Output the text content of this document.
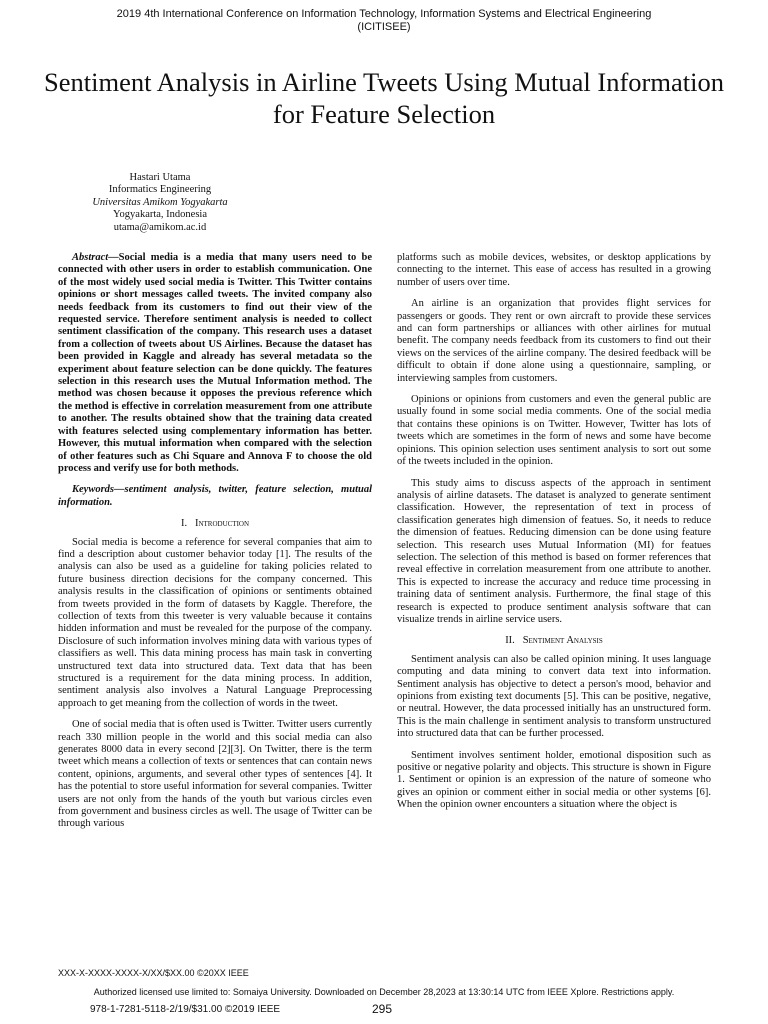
2019 4th International Conference on Information Technology, Information Systems and Electrical Engineering
(ICITISEE)
Sentiment Analysis in Airline Tweets Using Mutual Information for Feature Selection
Hastari Utama
Informatics Engineering
Universitas Amikom Yogyakarta
Yogyakarta, Indonesia
utama@amikom.ac.id

Abstract—Social media is a media that many users need to be connected with other users in order to establish communication. One of the most widely used social media is Twitter. This Twitter contains opinions or short messages called tweets. The invited company also needs feedback from its customers to find out their view of the requested service. Therefore sentiment analysis is needed to collect sentiment classification of the company. This research uses a dataset from a collection of tweets about US Airlines. Because the dataset has been provided in Kaggle and already has several metadata so the experiment about feature selection can be done quickly. The features selection in this research uses the Mutual Information method. The method was chosen because it opposes the previous reference which the method is effective in correlation measurement from one attribute to another. The results obtained show that the training data created with features selected using complementary information has better. However, this mutual information when compared with the selection of other features such as Chi Square and Annova F to choose the old process and verify use for both methods.

Keywords—sentiment analysis, twitter, feature selection, mutual information.

I. Introduction

Social media is become a reference for several companies that aim to find a description about customer behavior today [1]. The results of the analysis can also be used as a guideline for taking policies related to future business direction decisions for the company concerned. This analysis results in the classification of opinions or sentiments obtained from tweets provided in the form of datasets by Kaggle. Therefore, the collection of texts from this tweeter is very valuable because it contains hidden information and must be revealed for the purpose of the company. Disclosure of such information involves mining data with various types of classifiers as well. This data mining process has main task in converting unstructured text data into structured data. Text data that has been structured is a requirement for the data mining process. In addition, sentiment analysis also involves a Natural Language Preprocessing approach to get meaning from the collection of words in the tweet.

One of social media that is often used is Twitter. Twitter users currently reach 330 million people in the world and this social media can also generates 8000 data in every second [2][3]. On Twitter, there is the term tweet which means a collection of texts or sentences that can contain news content, opinions, arguments, and several other types of sentences [4]. It has the potential to store useful information for several companies. Twitter users are not only from the hands of the youth but various circles even from government and business circles as well. The usage of Twitter can be through various

platforms such as mobile devices, websites, or desktop applications by connecting to the internet. This ease of access has resulted in a growing number of users over time.

An airline is an organization that provides flight services for passengers or goods. They rent or own aircraft to provide these services and can form partnerships or alliances with other airlines for mutual benefit. The company needs feedback from its customers to find out their views on the services of the airline company. The desired feedback will be difficult to obtain if done alone using a questionnaire, sampling, or interviewing samples from customers.

Opinions or opinions from customers and even the general public are usually found in some social media comments. One of the social media that contains these opinions is on Twitter. However, Twitter has lots of tweets which are sometimes in the form of news and some have become opinions. This opinion selection uses sentiment analysis to sort out some of the tweets included in the opinion.

This study aims to discuss aspects of the approach in sentiment analysis of airline datasets. The dataset is analyzed to generate sentiment classification. However, the representation of text in process of classification generates high dimension of featues. So, it needs to reduce the dimension of featues. Reducing dimension can be done using feature selection. This research uses Mutual Information (MI) for featues selection. The selection of this method is based on former references that reveal effective in correlation measurement from one attribute to another. This is expected to increase the accuracy and reduce time processing in training data of sentiment analysis. Furthermore, the final stage of this research is expected to produce sentiment analysis software that can visualize trends in airline service users.

II. Sentiment Analysis

Sentiment analysis can also be called opinion mining. It uses language computing and data mining to convert data text into information. Sentiment analysis has objective to detect a person's mood, behavior and opinions from existing text documents [5]. This can be positive, negative, or neutral. However, the data processed initially has an unstructured form. This is the main challenge in sentiment analysis to transform unstructured into structured data that can be further processed.

Sentiment involves sentiment holder, emotional disposition such as positive or negative polarity and objects. This structure is shown in Figure 1. Sentiment or opinion is an expression of the nature of someone who gives an opinion or comment either in social media or other systems [6]. When the opinion owner encounters a situation where the object is

XXX-X-XXXX-XXXX-X/XX/$XX.00 ©20XX IEEE
Authorized licensed use limited to: Somaiya University. Downloaded on December 28,2023 at 13:30:14 UTC from IEEE Xplore. Restrictions apply.
978-1-7281-5118-2/19/$31.00 ©2019 IEEE	295
